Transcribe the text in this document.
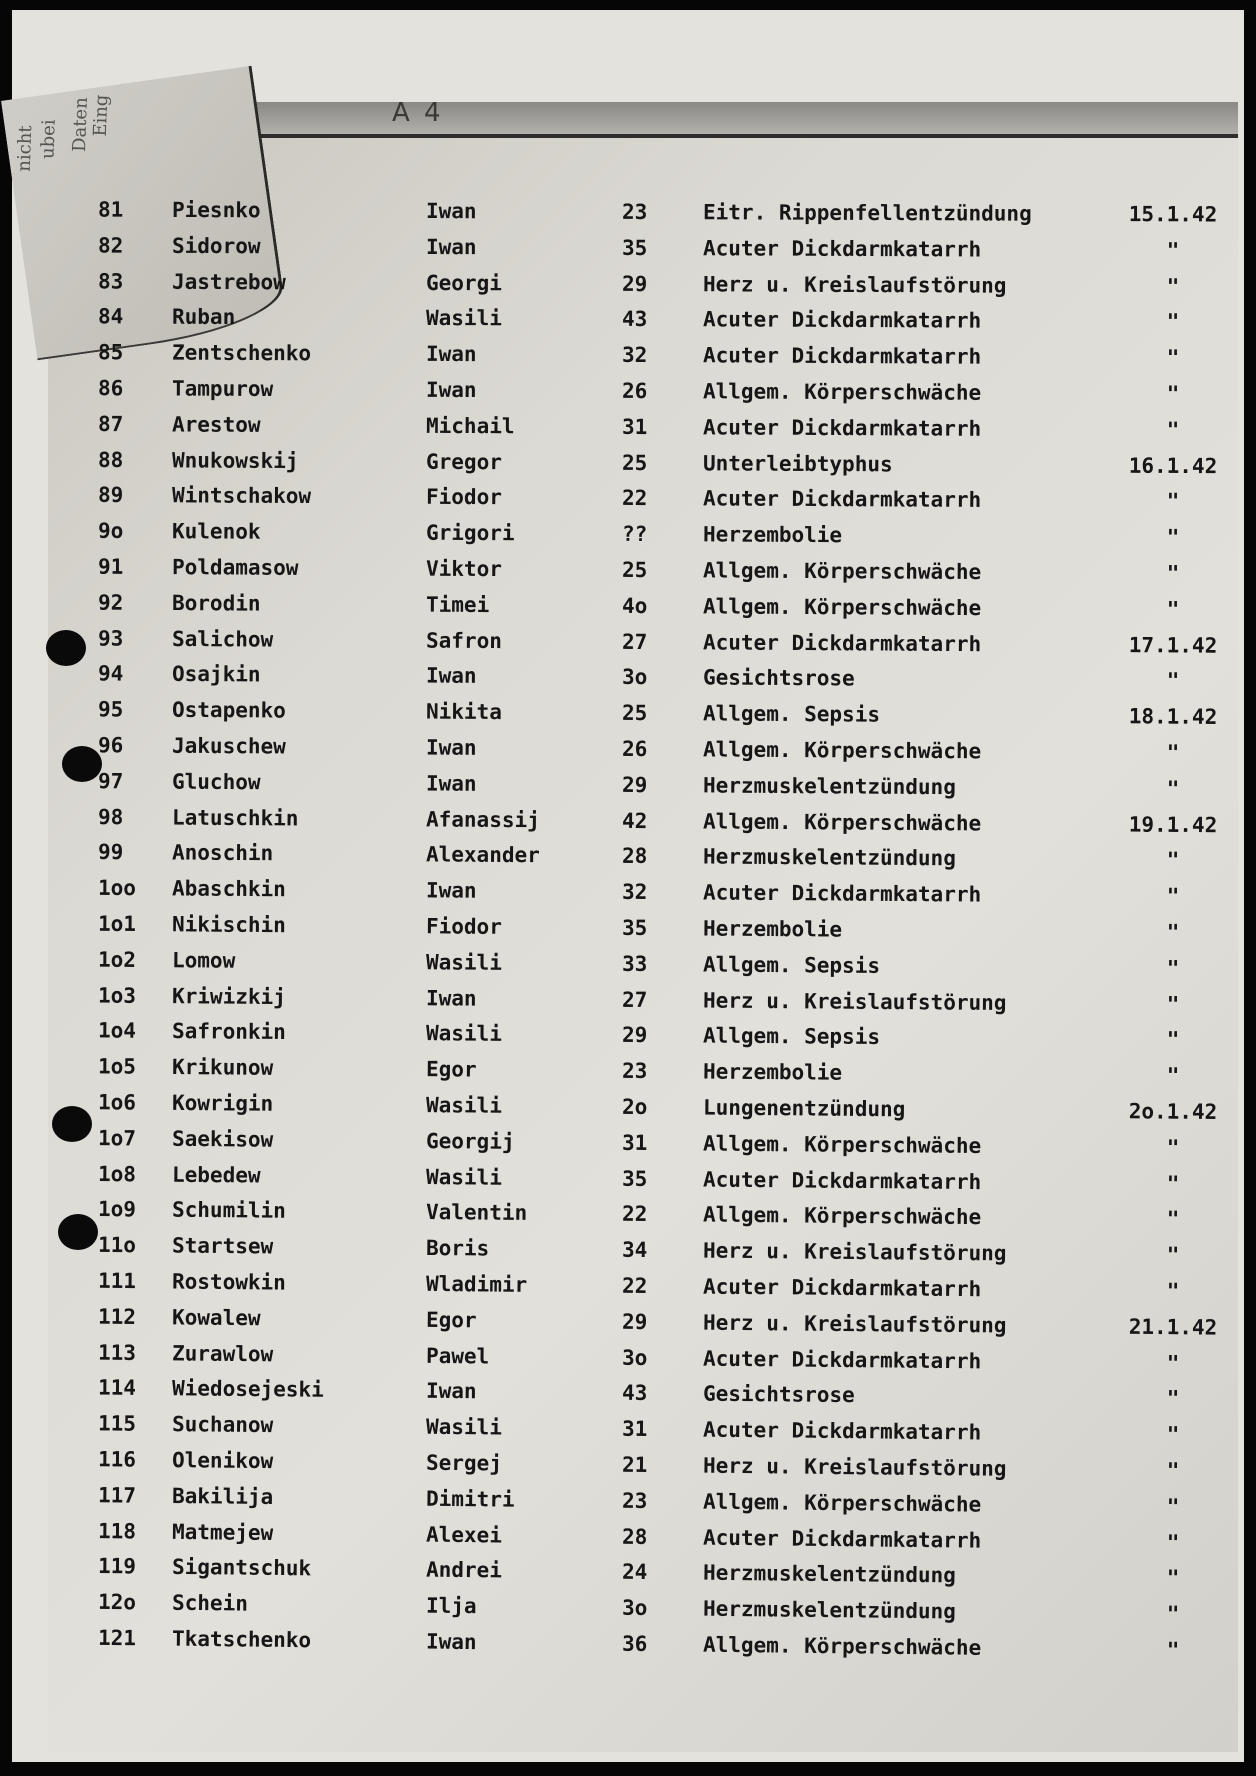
A 4
nicht ubei Daten
Eing
81	Piesnko	Iwan	23	Eitr. Rippenfellentzündung	15.1.42
82	Sidorow	Iwan	35	Acuter Dickdarmkatarrh	"
83	Jastrebow	Georgi	29	Herz u. Kreislaufstörung	"
84	Ruban	Wasili	43	Acuter Dickdarmkatarrh	"
85	Zentschenko	Iwan	32	Acuter Dickdarmkatarrh	"
86	Tampurow	Iwan	26	Allgem. Körperschwäche	"
87	Arestow	Michail	31	Acuter Dickdarmkatarrh	"
88	Wnukowskij	Gregor	25	Unterleibtyphus	16.1.42
89	Wintschakow	Fiodor	22	Acuter Dickdarmkatarrh	"
9o	Kulenok	Grigori	??	Herzembolie	"
91	Poldamasow	Viktor	25	Allgem. Körperschwäche	"
92	Borodin	Timei	4o	Allgem. Körperschwäche	"
93	Salichow	Safron	27	Acuter Dickdarmkatarrh	17.1.42
94	Osajkin	Iwan	3o	Gesichtsrose	"
95	Ostapenko	Nikita	25	Allgem. Sepsis	18.1.42
96	Jakuschew	Iwan	26	Allgem. Körperschwäche	"
97	Gluchow	Iwan	29	Herzmuskelentzündung	"
98	Latuschkin	Afanassij	42	Allgem. Körperschwäche	19.1.42
99	Anoschin	Alexander	28	Herzmuskelentzündung	"
1oo	Abaschkin	Iwan	32	Acuter Dickdarmkatarrh	"
1o1	Nikischin	Fiodor	35	Herzembolie	"
1o2	Lomow	Wasili	33	Allgem. Sepsis	"
1o3	Kriwizkij	Iwan	27	Herz u. Kreislaufstörung	"
1o4	Safronkin	Wasili	29	Allgem. Sepsis	"
1o5	Krikunow	Egor	23	Herzembolie	"
1o6	Kowrigin	Wasili	2o	Lungenentzündung	2o.1.42
1o7	Saekisow	Georgij	31	Allgem. Körperschwäche	"
1o8	Lebedew	Wasili	35	Acuter Dickdarmkatarrh	"
1o9	Schumilin	Valentin	22	Allgem. Körperschwäche	"
11o	Startsew	Boris	34	Herz u. Kreislaufstörung	"
111	Rostowkin	Wladimir	22	Acuter Dickdarmkatarrh	"
112	Kowalew	Egor	29	Herz u. Kreislaufstörung	21.1.42
113	Zurawlow	Pawel	3o	Acuter Dickdarmkatarrh	"
114	Wiedosejeski	Iwan	43	Gesichtsrose	"
115	Suchanow	Wasili	31	Acuter Dickdarmkatarrh	"
116	Olenikow	Sergej	21	Herz u. Kreislaufstörung	"
117	Bakilija	Dimitri	23	Allgem. Körperschwäche	"
118	Matmejew	Alexei	28	Acuter Dickdarmkatarrh	"
119	Sigantschuk	Andrei	24	Herzmuskelentzündung	"
12o	Schein	Ilja	3o	Herzmuskelentzündung	"
121	Tkatschenko	Iwan	36	Allgem. Körperschwäche	"
